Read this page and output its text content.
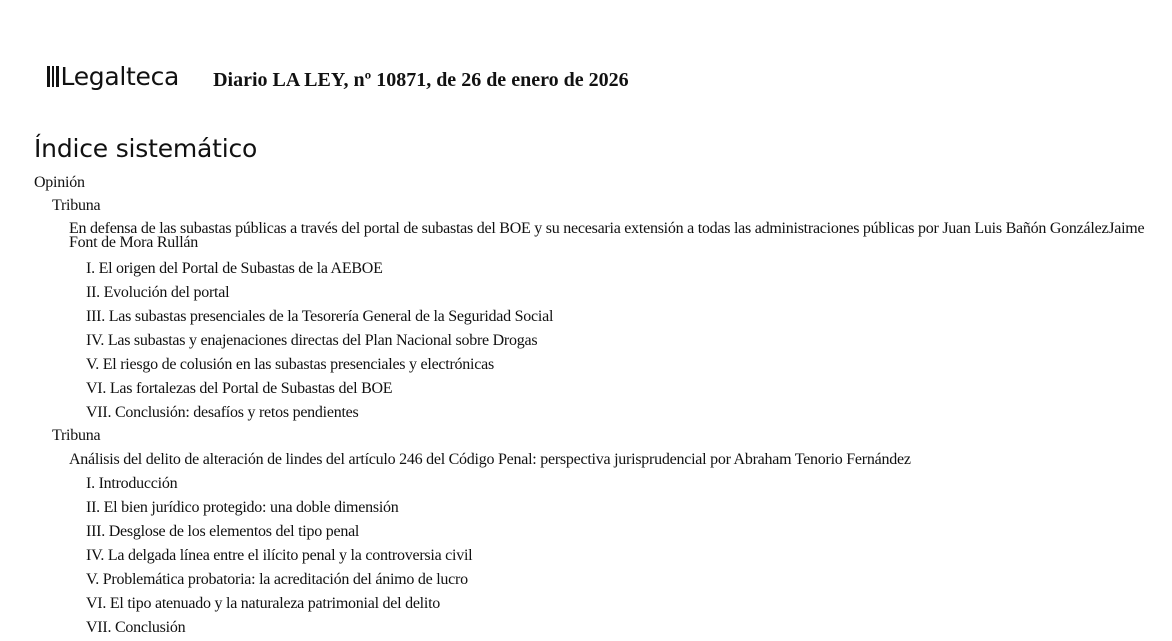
Legalteca Diario LA LEY, nº 10871, de 26 de enero de 2026
Índice sistemático
Opinión
Tribuna
En defensa de las subastas públicas a través del portal de subastas del BOE y su necesaria extensión a todas las administraciones públicas por Juan Luis Bañón GonzálezJaime Font de Mora Rullán
I. El origen del Portal de Subastas de la AEBOE
II. Evolución del portal
III. Las subastas presenciales de la Tesorería General de la Seguridad Social
IV. Las subastas y enajenaciones directas del Plan Nacional sobre Drogas
V. El riesgo de colusión en las subastas presenciales y electrónicas
VI. Las fortalezas del Portal de Subastas del BOE
VII. Conclusión: desafíos y retos pendientes
Tribuna
Análisis del delito de alteración de lindes del artículo 246 del Código Penal: perspectiva jurisprudencial por Abraham Tenorio Fernández
I. Introducción
II. El bien jurídico protegido: una doble dimensión
III. Desglose de los elementos del tipo penal
IV. La delgada línea entre el ilícito penal y la controversia civil
V. Problemática probatoria: la acreditación del ánimo de lucro
VI. El tipo atenuado y la naturaleza patrimonial del delito
VII. Conclusión
